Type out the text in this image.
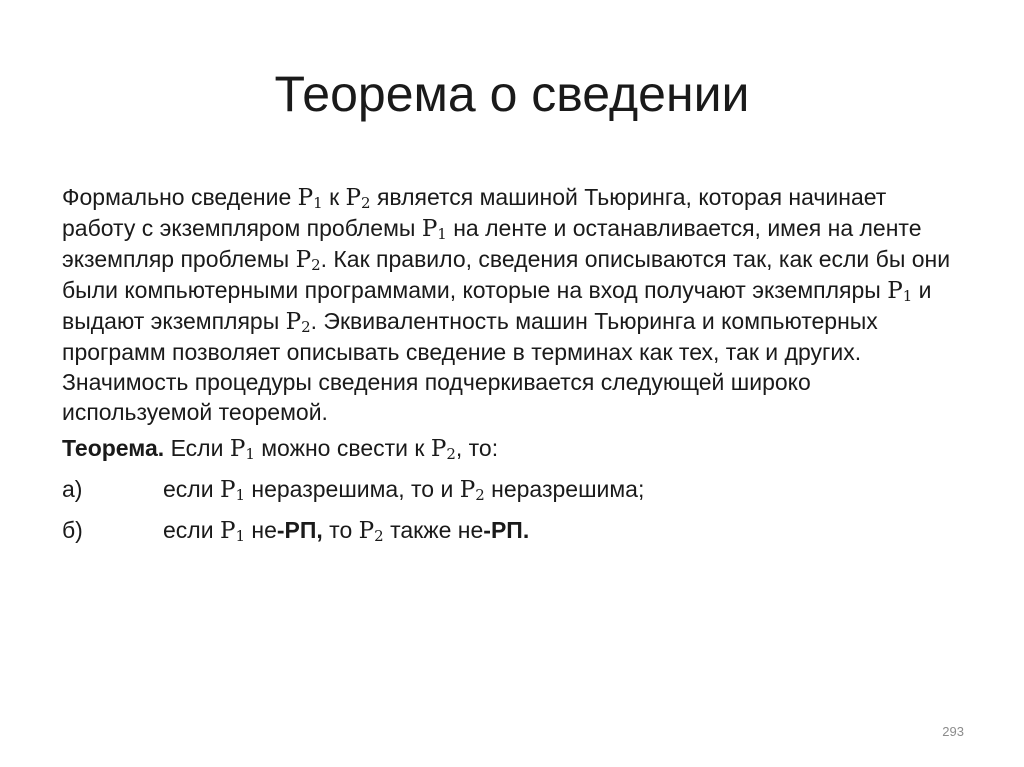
Теорема о сведении

Формально сведение $P_1$ к $P_2$ является машиной Тьюринга, которая начинает работу с экземпляром проблемы $P_1$ на ленте и останавливается, имея на ленте экземпляр проблемы $P_2$. Как правило, сведения описываются так, как если бы они были компьютерными программами, которые на вход получают экземпляры $P_1$ и выдают экземпляры $P_2$. Эквивалентность машин Тьюринга и компьютерных программ позволяет описывать сведение в терминах как тех, так и других. Значимость процедуры сведения подчеркивается следующей широко используемой теоремой.

Теорема. Если $P_1$ можно свести к $P_2$, то:

а)	если $P_1$ неразрешима, то и $P_2$ неразрешима;
б)	если $P_1$ не-РП, то $P_2$ также не-РП.
293
